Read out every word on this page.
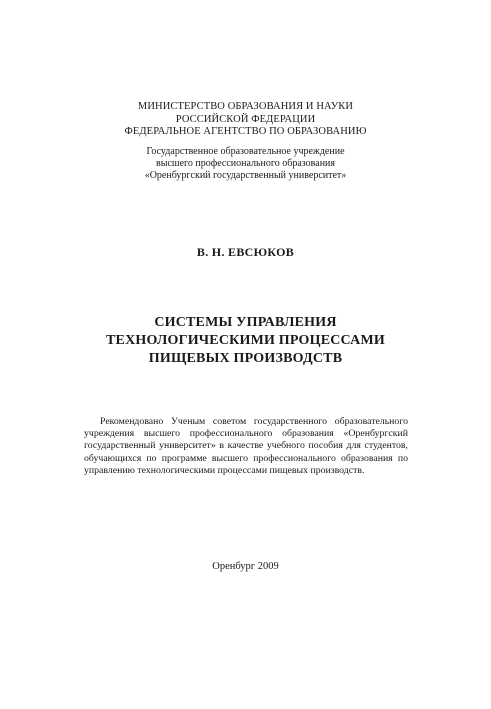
МИНИСТЕРСТВО ОБРАЗОВАНИЯ И НАУКИ
РОССИЙСКОЙ ФЕДЕРАЦИИ
ФЕДЕРАЛЬНОЕ АГЕНТСТВО ПО ОБРАЗОВАНИЮ
Государственное образовательное учреждение
высшего профессионального образования
«Оренбургский государственный университет»
В. Н. ЕВСЮКОВ
СИСТЕМЫ УПРАВЛЕНИЯ
ТЕХНОЛОГИЧЕСКИМИ ПРОЦЕССАМИ
ПИЩЕВЫХ ПРОИЗВОДСТВ
Рекомендовано Ученым советом государственного образовательного учреждения высшего профессионального образования «Оренбургский государственный университет» в качестве учебного пособия для студентов, обучающихся по программе высшего профессионального образования по управлению технологическими процессами пищевых производств.
Оренбург 2009
